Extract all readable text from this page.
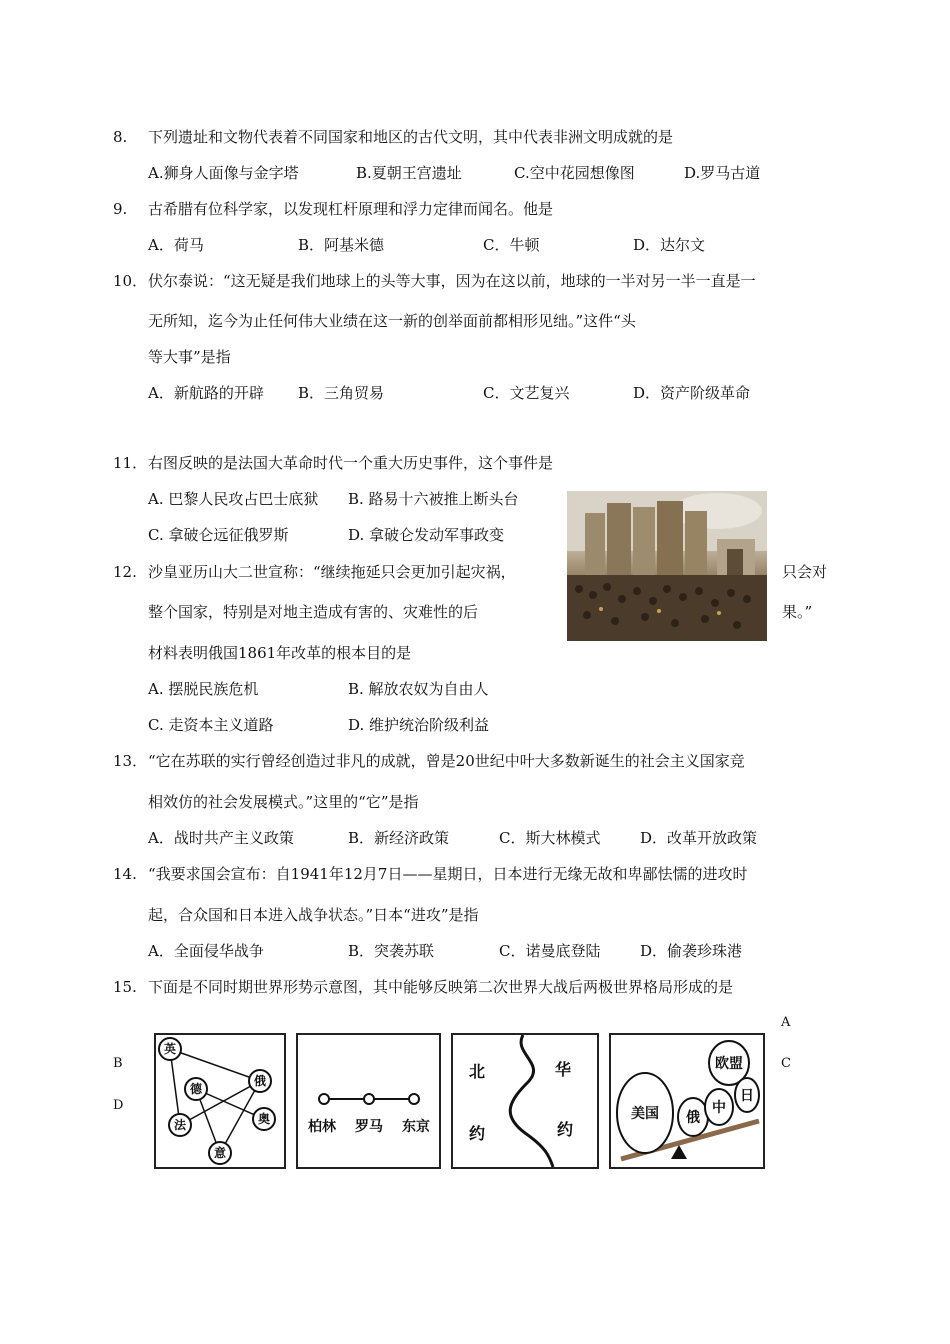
8. 下列遗址和文物代表着不同国家和地区的古代文明，其中代表非洲文明成就的是
A.狮身人面像与金字塔	B.夏朝王宫遗址	C.空中花园想像图	D.罗马古道
9. 古希腊有位科学家，以发现杠杆原理和浮力定律而闻名。他是
A．荷马	B．阿基米德	C．牛顿	D．达尔文
10． 伏尔泰说：“这无疑是我们地球上的头等大事，因为在这以前，地球的一半对另一半一直是一
无所知，迄今为止任何伟大业绩在这一新的创举面前都相形见绌。”这件“头
等大事”是指
A．新航路的开辟 B．三角贸易	C．文艺复兴	D．资产阶级革命
11． 右图反映的是法国大革命时代一个重大历史事件，这个事件是
A. 巴黎人民攻占巴士底狱 B. 路易十六被推上断头台
C. 拿破仑远征俄罗斯	D. 拿破仑发动军事政变
12. 沙皇亚历山大二世宣称：“继续拖延只会更加引起灾祸，	只会对
整个国家，特别是对地主造成有害的、灾难性的后	果。”
材料表明俄国1861年改革的根本目的是
A. 摆脱民族危机	B. 解放农奴为自由人
C. 走资本主义道路	D. 维护统治阶级利益
13． “它在苏联的实行曾经创造过非凡的成就，曾是20世纪中叶大多数新诞生的社会主义国家竞
相效仿的社会发展模式。”这里的“它”是指
A．战时共产主义政策	B．新经济政策	C．斯大林模式	D．改革开放政策
14. “我要求国会宣布：自1941年12月7日——星期日，日本进行无缘无故和卑鄙怯懦的进攻时
起，合众国和日本进入战争状态。”日本“进攻”是指
A．全面侵华战争	B．突袭苏联	C．诺曼底登陆	D．偷袭珍珠港
15. 下面是不同时期世界形势示意图，其中能够反映第二次世界大战后两极世界格局形成的是
A
B	C
D
英
俄
德
法	奥
意
柏林 罗马 东京
北	华
约	约
欧盟
美国 俄
中
日
